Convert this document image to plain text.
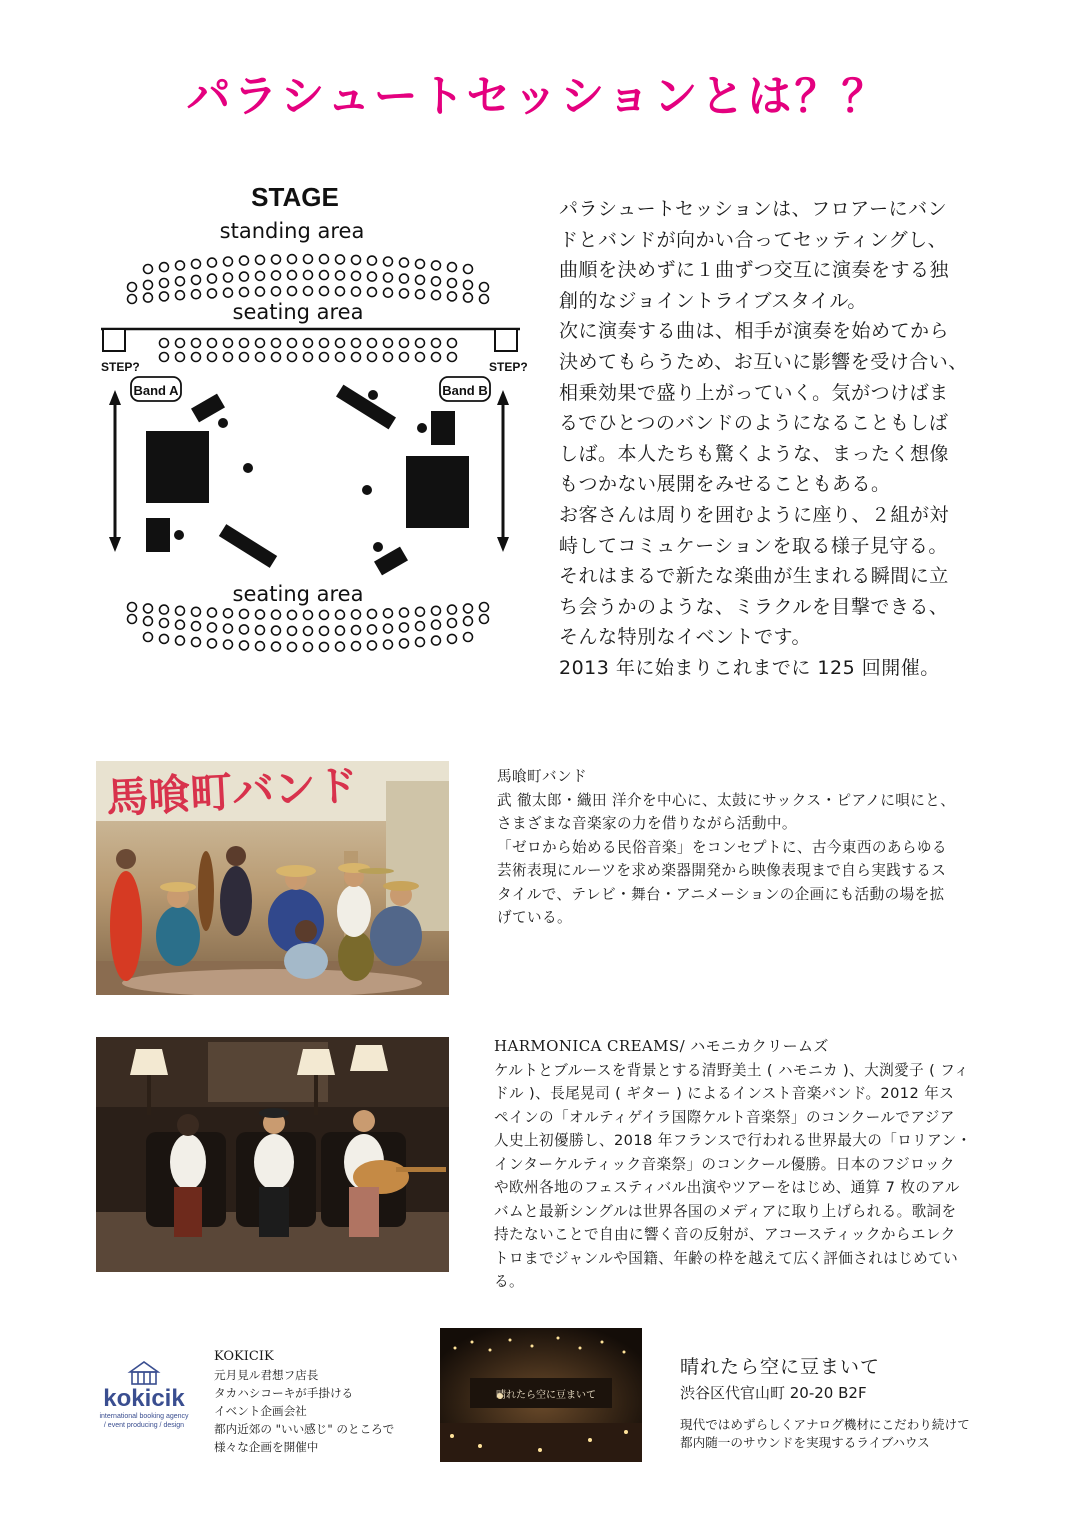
パラシュートセッションとは？？
STAGE
standing area
seating area
STEP?	STEP?
Band A	Band B
seating area

パラシュートセッションは、フロアーにバン

ドとバンドが向かい合ってセッティングし、

曲順を決めずに１曲ずつ交互に演奏をする独

創的なジョイントライブスタイル。

次に演奏する曲は、相手が演奏を始めてから

決めてもらうため、お互いに影響を受け合い、

相乗効果で盛り上がっていく。気がつけばま

るでひとつのバンドのようになることもしば

しば。本人たちも驚くような、まったく想像

もつかない展開をみせることもある。

お客さんは周りを囲むように座り、２組が対

峙してコミュケーションを取る様子見守る。

それはまるで新たな楽曲が生まれる瞬間に立

ち会うかのような、ミラクルを目撃できる、

そんな特別なイベントです。

2013 年に始まりこれまでに 125 回開催。

馬喰町バンド	馬喰町バンド

武 徹太郎・織田 洋介を中心に、太鼓にサックス・ピアノに唄にと、

さまざまな音楽家の力を借りながら活動中。

「ゼロから始める民俗音楽」をコンセプトに、古今東西のあらゆる

芸術表現にルーツを求め楽器開発から映像表現まで自ら実践するス

タイルで、テレビ・舞台・アニメーションの企画にも活動の場を拡

げている。

HARMONICA CREAMS/ ハモニカクリームズ

ケルトとブルースを背景とする清野美土 ( ハモニカ )、大渕愛子 ( フィ

ドル )、長尾晃司 ( ギター ) によるインスト音楽バンド。2012 年ス

ペインの「オルティゲイラ国際ケルト音楽祭」のコンクールでアジア

人史上初優勝し、2018 年フランスで行われる世界最大の「ロリアン・

インターケルティック音楽祭」のコンクール優勝。日本のフジロック

や欧州各地のフェスティバル出演やツアーをはじめ、通算 7 枚のアル

バムと最新シングルは世界各国のメディアに取り上げられる。歌詞を

持たないことで自由に響く音の反射が、アコースティックからエレク

トロまでジャンルや国籍、年齢の枠を越えて広く評価されはじめてい

る。

kokicik
international booking agency
/ event producing / design

KOKICIK

元月見ル君想フ店長

タカハシコーキが手掛ける

イベント企画会社

都内近郊の "いい感じ" のところで

様々な企画を開催中

晴れたら空に豆まいて
晴れたら空に豆まいて

渋谷区代官山町 20-20 B2F

現代ではめずらしくアナログ機材にこだわり続けて

都内随一のサウンドを実現するライブハウス
